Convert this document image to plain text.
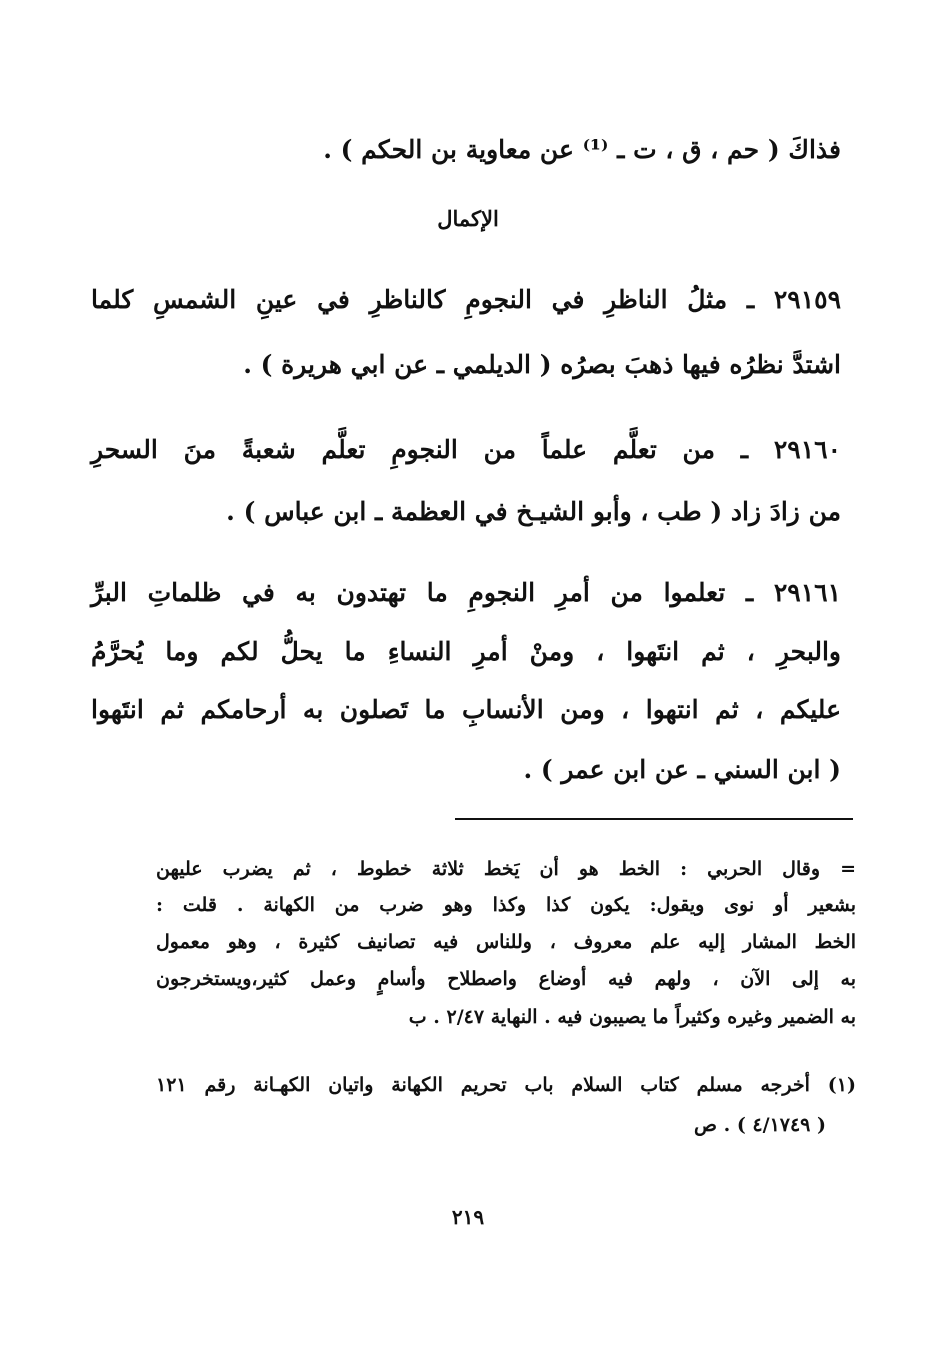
فذاكَ ( حم ، ق ، ت ـ ⁽¹⁾ عن معاوية بن الحكم ) .
الإكمال
٢٩١٥٩ ـ مثلُ الناظرِ في النجومِ كالناظرِ في عينِ الشمسِ كلما
اشتدَّ نظرُه فيها ذهبَ بصرُه ( الديلمي ـ عن ابي هريرة ) .
٢٩١٦٠ ـ من تعلَّم علماً من النجومِ تعلَّم شعبةً منَ السحرِ
من زادَ زاد ( طب ، وأبو الشيـخ في العظمة ـ ابن عباس ) .
٢٩١٦١ ـ تعلموا من أمرِ النجومِ ما تهتدون به في ظلماتِ البرِّ
والبحرِ ، ثم انتَهوا ، ومنْ أمرِ النساءِ ما يحلُّ لكم وما يُحرَّمُ
عليكم ، ثم انتهوا ، ومن الأنسابِ ما تَصلون به أرحامكم ثم انتَهوا
( ابن السني ـ عن ابن عمر ) .
= وقال الحربي : الخط هو أن يَخط ثلاثة خطوط ، ثم يضرب عليهن
بشعير أو نوى ويقول: يكون كذا وكذا وهو ضرب من الكهانة . قلت :
الخط المشار إليه علم معروف ، وللناس فيه تصانيف كثيرة ، وهو معمول
به إلى الآن ، ولهم فيه أوضاع واصطلاح وأسامٍ وعمل كثير،ويستخرجون
به الضمير وغيره وكثيراً ما يصيبون فيه . النهاية ٢/٤٧ . ب
(١) أخرجه مسلم كتاب السلام باب تحريم الكهانة واتيان الكهـانة رقم ١٢١
( ٤/١٧٤٩ ) . ص
٢١٩
